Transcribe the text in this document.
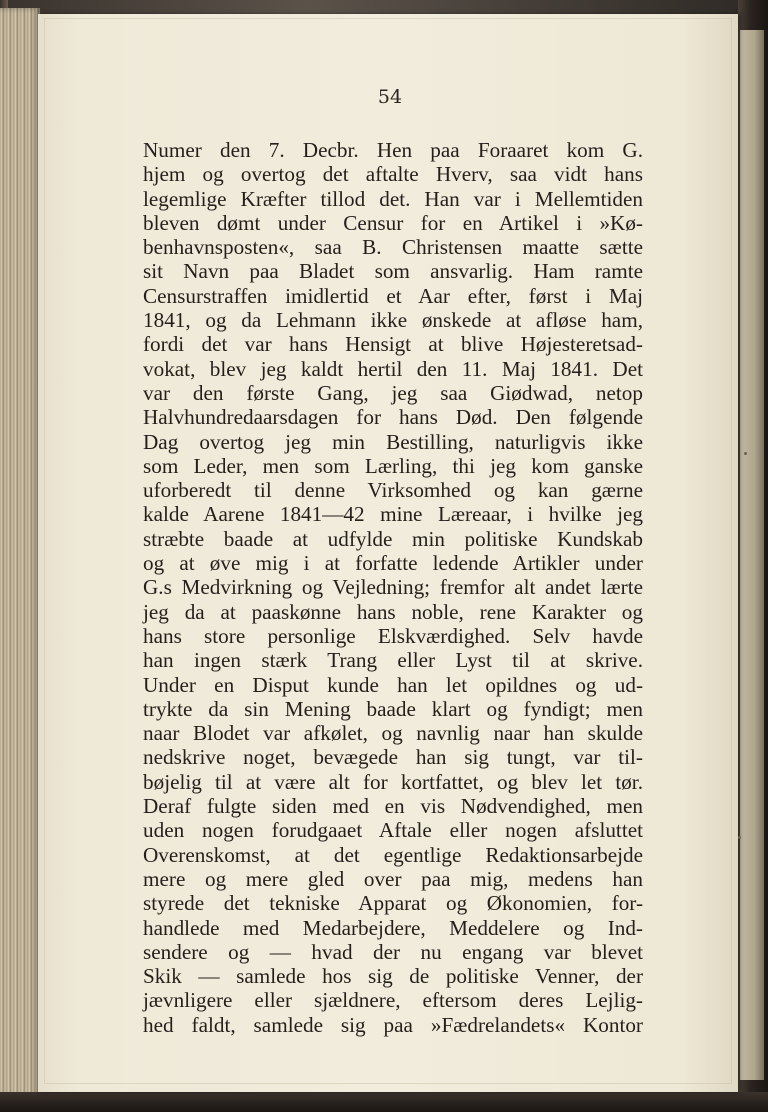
54
Numer den 7. Decbr. Hen paa Foraaret kom G.
hjem og overtog det aftalte Hverv, saa vidt hans
legemlige Kræfter tillod det. Han var i Mellemtiden
bleven dømt under Censur for en Artikel i »Kø-
benhavnsposten«, saa B. Christensen maatte sætte
sit Navn paa Bladet som ansvarlig. Ham ramte
Censurstraffen imidlertid et Aar efter, først i Maj
1841, og da Lehmann ikke ønskede at afløse ham,
fordi det var hans Hensigt at blive Højesteretsad-
vokat, blev jeg kaldt hertil den 11. Maj 1841. Det
var den første Gang, jeg saa Giødwad, netop
Halvhundredaarsdagen for hans Død. Den følgende
Dag overtog jeg min Bestilling, naturligvis ikke
som Leder, men som Lærling, thi jeg kom ganske
uforberedt til denne Virksomhed og kan gærne
kalde Aarene 1841—42 mine Læreaar, i hvilke jeg
stræbte baade at udfylde min politiske Kundskab
og at øve mig i at forfatte ledende Artikler under
G.s Medvirkning og Vejledning; fremfor alt andet lærte
jeg da at paaskønne hans noble, rene Karakter og
hans store personlige Elskværdighed. Selv havde
han ingen stærk Trang eller Lyst til at skrive.
Under en Disput kunde han let opildnes og ud-
trykte da sin Mening baade klart og fyndigt; men
naar Blodet var afkølet, og navnlig naar han skulde
nedskrive noget, bevægede han sig tungt, var til-
bøjelig til at være alt for kortfattet, og blev let tør.
Deraf fulgte siden med en vis Nødvendighed, men
uden nogen forudgaaet Aftale eller nogen afsluttet
Overenskomst, at det egentlige Redaktionsarbejde
mere og mere gled over paa mig, medens han
styrede det tekniske Apparat og Økonomien, for-
handlede med Medarbejdere, Meddelere og Ind-
sendere og — hvad der nu engang var blevet
Skik — samlede hos sig de politiske Venner, der
jævnligere eller sjældnere, eftersom deres Lejlig-
hed faldt, samlede sig paa »Fædrelandets« Kontor
